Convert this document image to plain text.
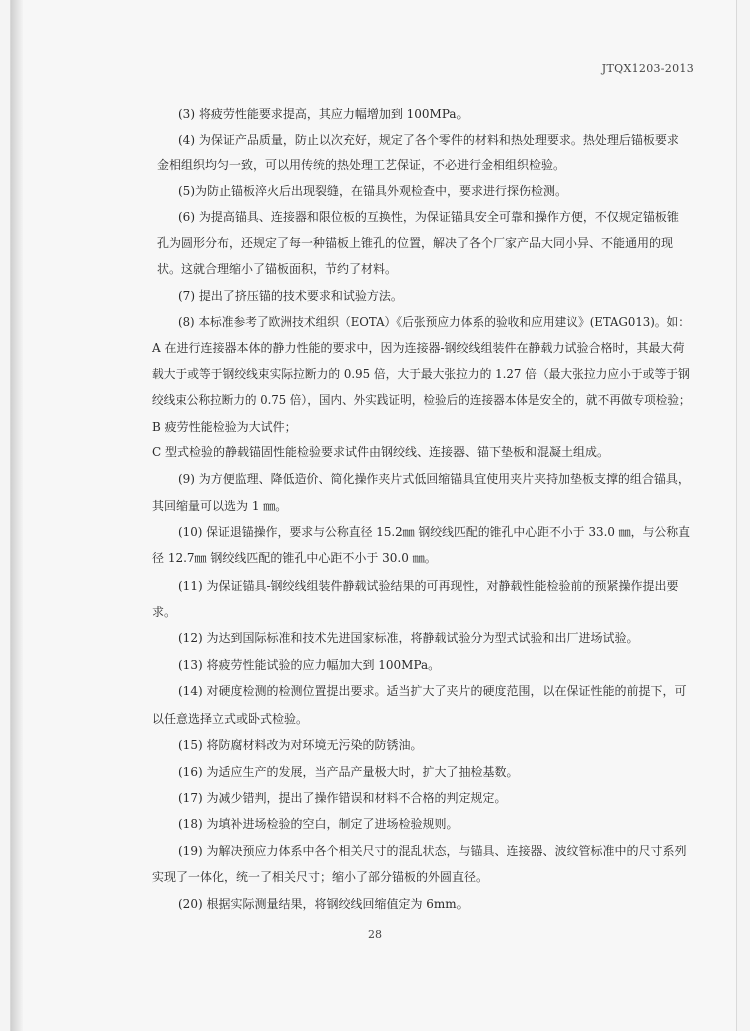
JTQX1203-2013
(3) 将疲劳性能要求提高，其应力幅增加到 100MPa。
(4) 为保证产品质量，防止以次充好，规定了各个零件的材料和热处理要求。热处理后锚板要求
金相组织均匀一致，可以用传统的热处理工艺保证，不必进行金相组织检验。
(5)为防止锚板淬火后出现裂缝，在锚具外观检查中，要求进行探伤检测。
(6) 为提高锚具、连接器和限位板的互换性，为保证锚具安全可靠和操作方便，不仅规定锚板锥
孔为圆形分布，还规定了每一种锚板上锥孔的位置，解决了各个厂家产品大同小异、不能通用的现
状。这就合理缩小了锚板面积，节约了材料。
(7) 提出了挤压锚的技术要求和试验方法。
(8) 本标准参考了欧洲技术组织（EOTA）《后张预应力体系的验收和应用建议》(ETAG013)。如：
A 在进行连接器本体的静力性能的要求中，因为连接器-钢绞线组装件在静载力试验合格时，其最大荷
载大于或等于钢绞线束实际拉断力的 0.95 倍，大于最大张拉力的 1.27 倍（最大张拉力应小于或等于钢
绞线束公称拉断力的 0.75 倍），国内、外实践证明，检验后的连接器本体是安全的，就不再做专项检验；
B 疲劳性能检验为大试件；
C 型式检验的静载锚固性能检验要求试件由钢绞线、连接器、锚下垫板和混凝土组成。
(9) 为方便监理、降低造价、简化操作夹片式低回缩锚具宜使用夹片夹持加垫板支撑的组合锚具，
其回缩量可以选为 1 ㎜。
(10) 保证退锚操作，要求与公称直径 15.2㎜ 钢绞线匹配的锥孔中心距不小于 33.0 ㎜，与公称直
径 12.7㎜ 钢绞线匹配的锥孔中心距不小于 30.0 ㎜。
(11) 为保证锚具-钢绞线组装件静载试验结果的可再现性，对静载性能检验前的预紧操作提出要
求。
(12) 为达到国际标准和技术先进国家标准，将静载试验分为型式试验和出厂进场试验。
(13) 将疲劳性能试验的应力幅加大到 100MPa。
(14) 对硬度检测的检测位置提出要求。适当扩大了夹片的硬度范围，以在保证性能的前提下，可
以任意选择立式或卧式检验。
(15) 将防腐材料改为对环境无污染的防锈油。
(16) 为适应生产的发展，当产品产量极大时，扩大了抽检基数。
(17) 为减少错判，提出了操作错误和材料不合格的判定规定。
(18) 为填补进场检验的空白，制定了进场检验规则。
(19) 为解决预应力体系中各个相关尺寸的混乱状态，与锚具、连接器、波纹管标准中的尺寸系列
实现了一体化，统一了相关尺寸；缩小了部分锚板的外圆直径。
(20) 根据实际测量结果，将钢绞线回缩值定为 6mm。
28
